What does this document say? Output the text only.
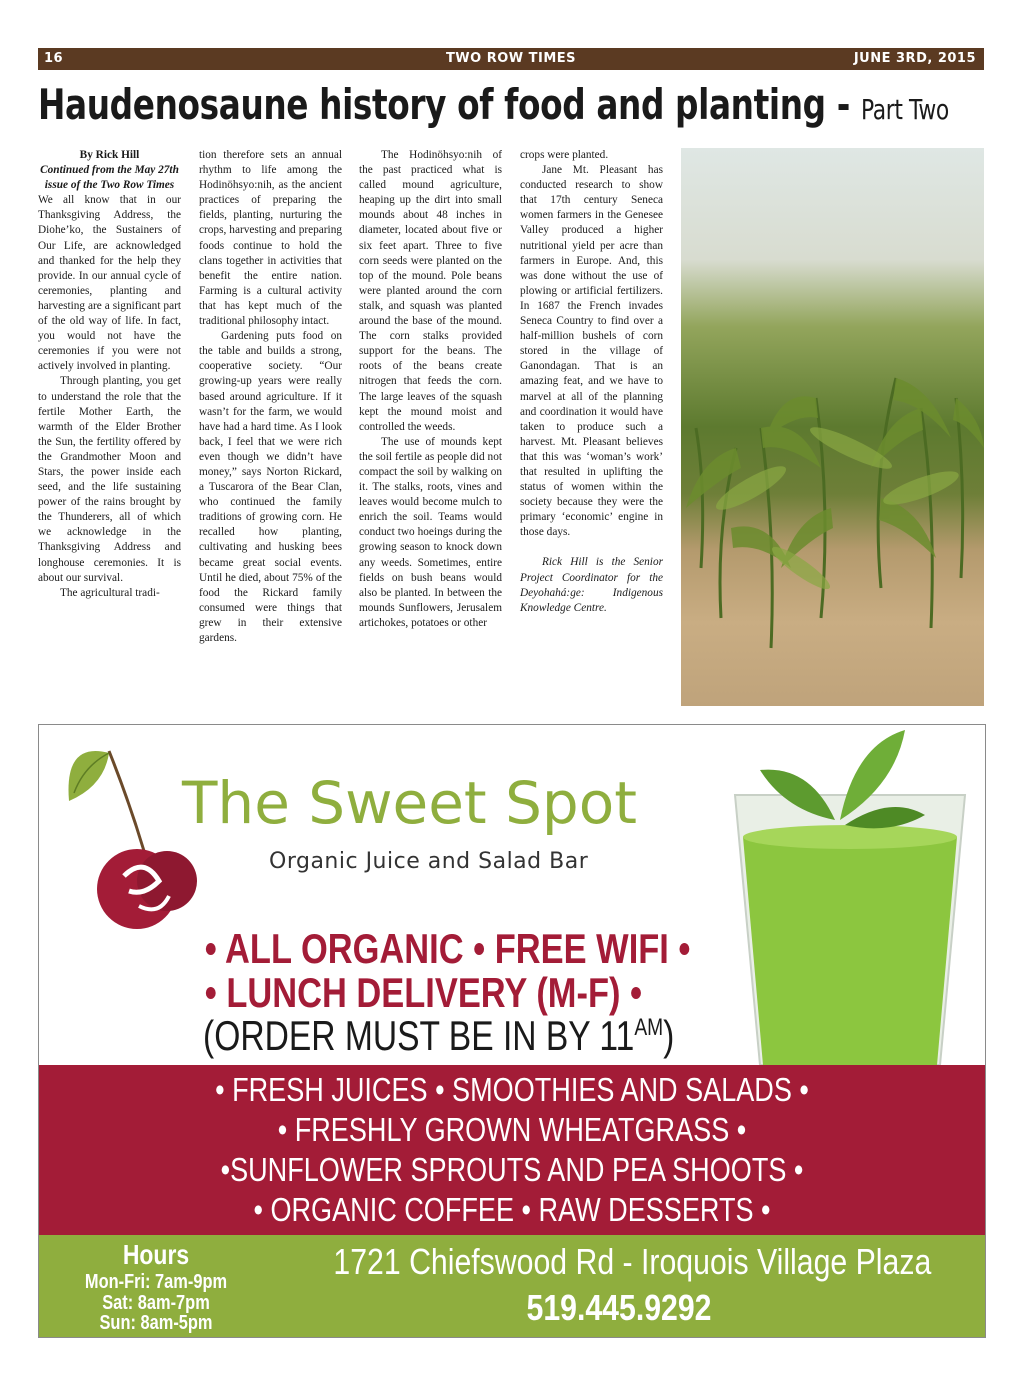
16	TWO ROW TIMES	JUNE 3RD, 2015
Haudenosaune history of food and planting - Part Two

By Rick Hill

Continued from the May 27th issue of the Two Row Times

We all know that in our Thanksgiving Address, the Diohe’ko, the Sustainers of Our Life, are acknowledged and thanked for the help they provide. In our annual cycle of ceremonies, planting and harvesting are a significant part of the old way of life. In fact, you would not have the ceremonies if you were not actively involved in planting.

Through planting, you get to understand the role that the fertile Mother Earth, the warmth of the Elder Brother the Sun, the fertility offered by the Grandmother Moon and Stars, the power inside each seed, and the life sustaining power of the rains brought by the Thunderers, all of which we acknowledge in the Thanksgiving Address and longhouse ceremonies. It is about our survival.

The agricultural tradi-

tion therefore sets an annual rhythm to life among the Hodinöhsyo:nih, as the ancient practices of preparing the fields, planting, nurturing the crops, harvesting and preparing foods continue to hold the clans together in activities that benefit the entire nation. Farming is a cultural activity that has kept much of the traditional philosophy intact.

Gardening puts food on the table and builds a strong, cooperative society. “Our growing-up years were really based around agriculture. If it wasn’t for the farm, we would have had a hard time. As I look back, I feel that we were rich even though we didn’t have money,” says Norton Rickard, a Tuscarora of the Bear Clan, who continued the family traditions of growing corn. He recalled how planting, cultivating and husking bees became great social events. Until he died, about 75% of the food the Rickard family consumed were things that grew in their extensive gardens.

The Hodinöhsyo:nih of the past practiced what is called mound agriculture, heaping up the dirt into small mounds about 48 inches in diameter, located about five or six feet apart. Three to five corn seeds were planted on the top of the mound. Pole beans were planted around the corn stalk, and squash was planted around the base of the mound. The corn stalks provided support for the beans. The roots of the beans create nitrogen that feeds the corn. The large leaves of the squash kept the mound moist and controlled the weeds.

The use of mounds kept the soil fertile as people did not compact the soil by walking on it. The stalks, roots, vines and leaves would become mulch to enrich the soil. Teams would conduct two hoeings during the growing season to knock down any weeds. Sometimes, entire fields on bush beans would also be planted. In between the mounds Sunflowers, Jerusalem artichokes, potatoes or other

crops were planted.

Jane Mt. Pleasant has conducted research to show that 17th century Seneca women farmers in the Genesee Valley produced a higher nutritional yield per acre than farmers in Europe. And, this was done without the use of plowing or artificial fertilizers. In 1687 the French invades Seneca Country to find over a half-million bushels of corn stored in the village of Ganondagan. That is an amazing feat, and we have to marvel at all of the planning and coordination it would have taken to produce such a harvest. Mt. Pleasant believes that this was ‘woman’s work’ that resulted in uplifting the status of women within the society because they were the primary ‘economic’ engine in those days.

Rick Hill is the Senior Project Coordinator for the Deyohahá:ge: Indigenous Knowledge Centre.

The Sweet Spot
Organic Juice and Salad Bar
• ALL ORGANIC • FREE WIFI •
• LUNCH DELIVERY (M-F) •
(ORDER MUST BE IN BY $11^{AM}$)
• FRESH JUICES • SMOOTHIES AND SALADS •
• FRESHLY GROWN WHEATGRASS •
•SUNFLOWER SPROUTS AND PEA SHOOTS •
• ORGANIC COFFEE • RAW DESSERTS •
Hours
Mon-Fri: 7am-9pm
Sat: 8am-7pm
Sun: 8am-5pm
1721 Chiefswood Rd - Iroquois Village Plaza
519.445.9292
